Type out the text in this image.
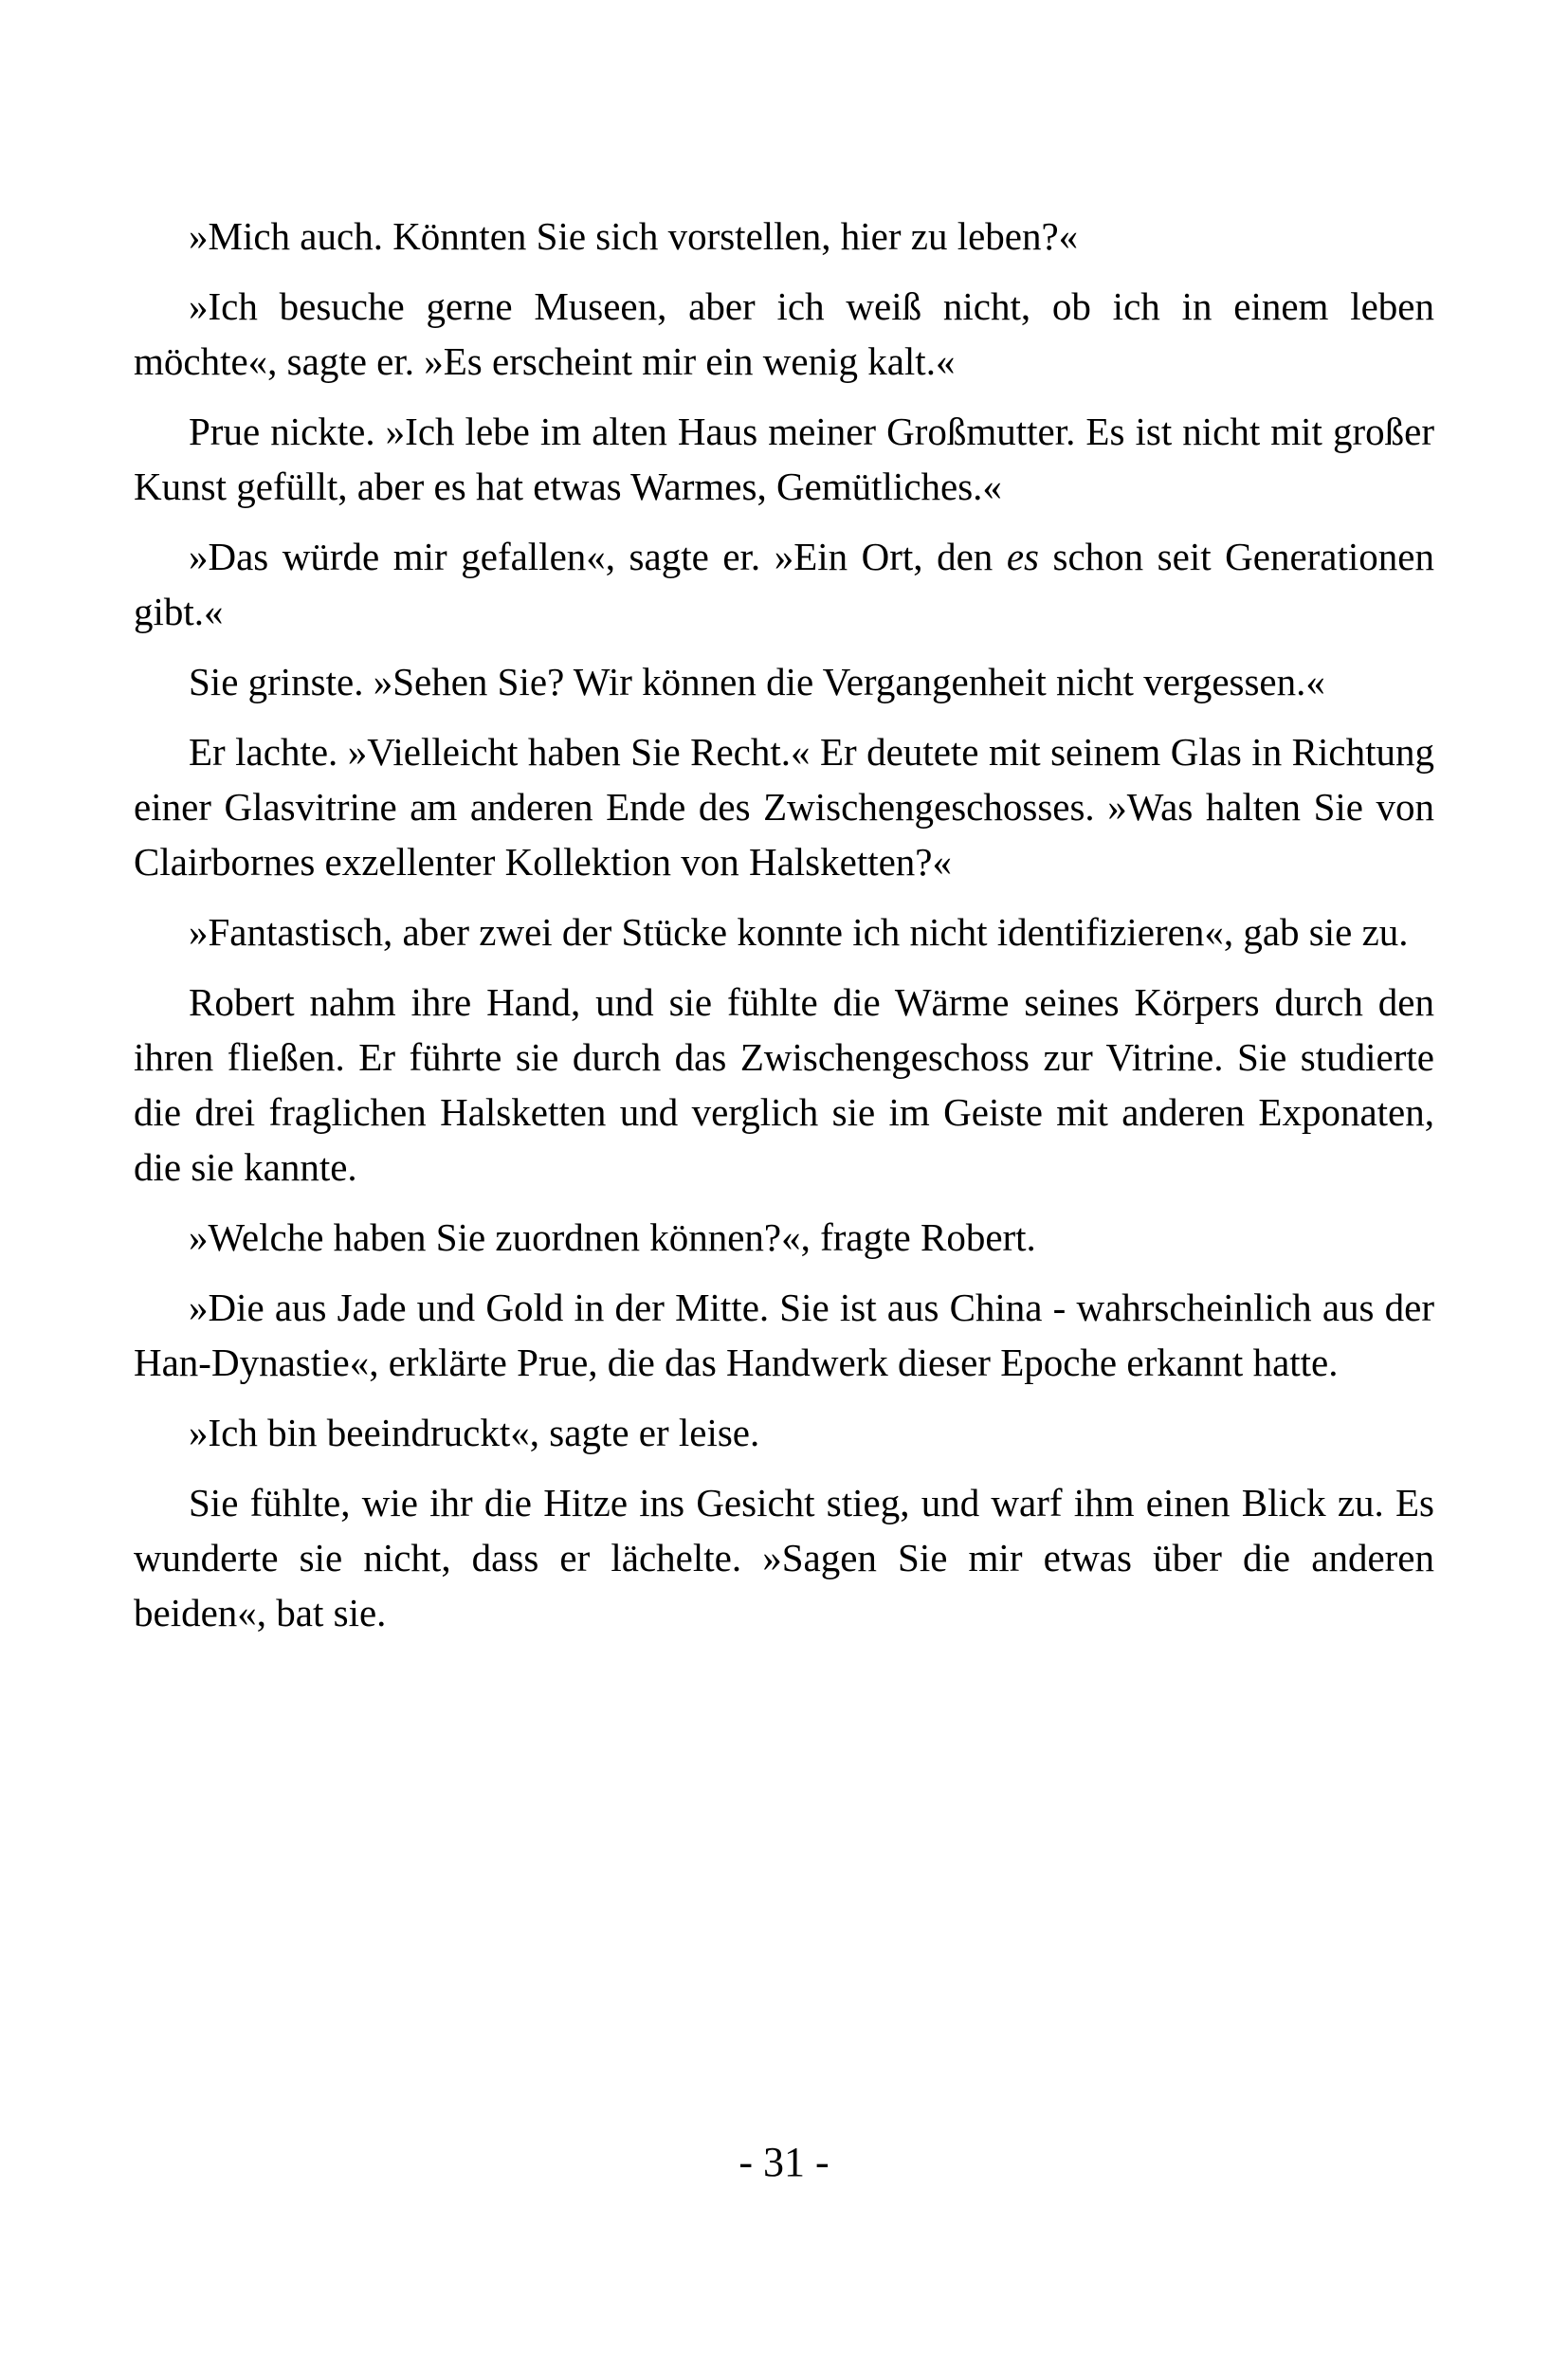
»Mich auch. Könnten Sie sich vorstellen, hier zu leben?«

»Ich besuche gerne Museen, aber ich weiß nicht, ob ich in einem leben möchte«, sagte er. »Es erscheint mir ein wenig kalt.«

Prue nickte. »Ich lebe im alten Haus meiner Großmutter. Es ist nicht mit großer Kunst gefüllt, aber es hat etwas Warmes, Gemütliches.«

»Das würde mir gefallen«, sagte er. »Ein Ort, den es schon seit Generationen gibt.«

Sie grinste. »Sehen Sie? Wir können die Vergangenheit nicht vergessen.«

Er lachte. »Vielleicht haben Sie Recht.« Er deutete mit seinem Glas in Richtung einer Glasvitrine am anderen Ende des Zwischengeschosses. »Was halten Sie von Clairbornes exzellenter Kollektion von Halsketten?«

»Fantastisch, aber zwei der Stücke konnte ich nicht identifizieren«, gab sie zu.

Robert nahm ihre Hand, und sie fühlte die Wärme seines Körpers durch den ihren fließen. Er führte sie durch das Zwischengeschoss zur Vitrine. Sie studierte die drei fraglichen Halsketten und verglich sie im Geiste mit anderen Exponaten, die sie kannte.

»Welche haben Sie zuordnen können?«, fragte Robert.

»Die aus Jade und Gold in der Mitte. Sie ist aus China - wahrscheinlich aus der Han-Dynastie«, erklärte Prue, die das Handwerk dieser Epoche erkannt hatte.

»Ich bin beeindruckt«, sagte er leise.

Sie fühlte, wie ihr die Hitze ins Gesicht stieg, und warf ihm einen Blick zu. Es wunderte sie nicht, dass er lächelte. »Sagen Sie mir etwas über die anderen beiden«, bat sie.

- 31 -
